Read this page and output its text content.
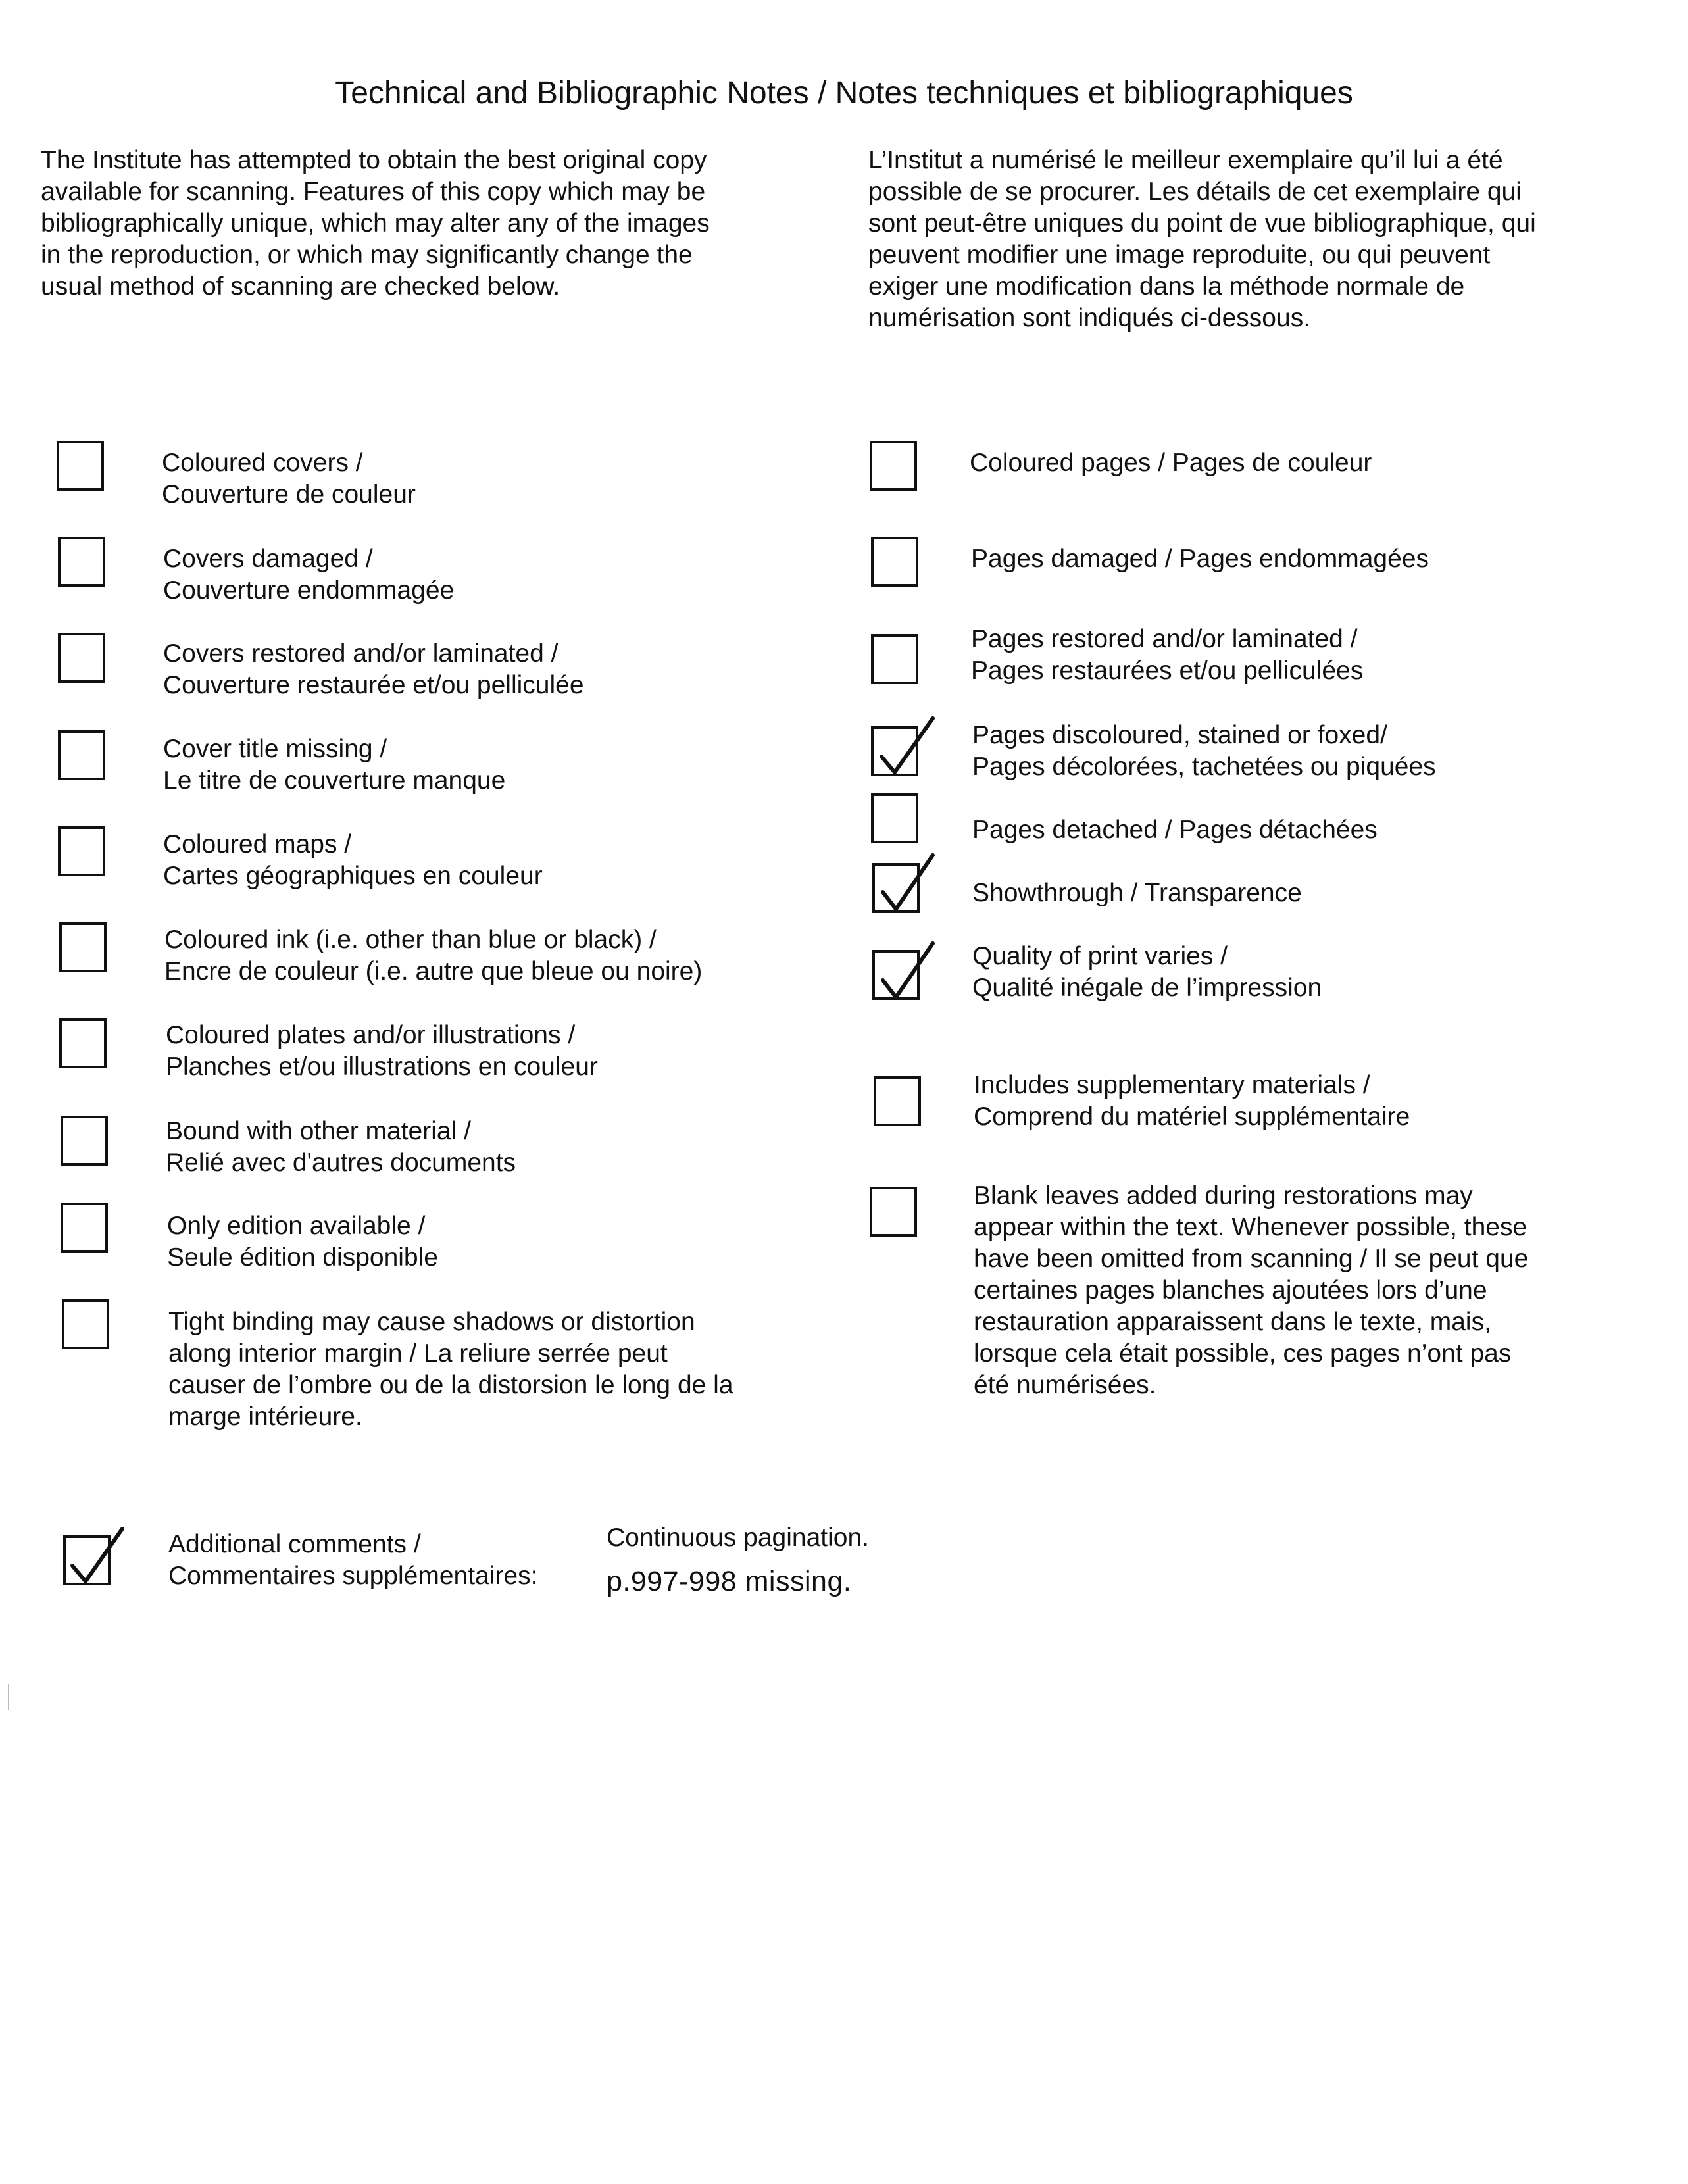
Technical and Bibliographic Notes / Notes techniques et bibliographiques
The Institute has attempted to obtain the best original copy
available for scanning. Features of this copy which may be
bibliographically unique, which may alter any of the images
in the reproduction, or which may significantly change the
usual method of scanning are checked below.
L’Institut a numérisé le meilleur exemplaire qu’il lui a été
possible de se procurer. Les détails de cet exemplaire qui
sont peut-être uniques du point de vue bibliographique, qui
peuvent modifier une image reproduite, ou qui peuvent
exiger une modification dans la méthode normale de
numérisation sont indiqués ci-dessous.
Coloured covers /
Couverture de couleur
Covers damaged /
Couverture endommagée
Covers restored and/or laminated /
Couverture restaurée et/ou pelliculée
Cover title missing /
Le titre de couverture manque
Coloured maps /
Cartes géographiques en couleur
Coloured ink (i.e. other than blue or black) /
Encre de couleur (i.e. autre que bleue ou noire)
Coloured plates and/or illustrations /
Planches et/ou illustrations en couleur
Bound with other material /
Relié avec d'autres documents
Only edition available /
Seule édition disponible
Tight binding may cause shadows or distortion
along interior margin / La reliure serrée peut
causer de l’ombre ou de la distorsion le long de la
marge intérieure.
Coloured pages / Pages de couleur
Pages damaged / Pages endommagées
Pages restored and/or laminated /
Pages restaurées et/ou pelliculées
Pages discoloured, stained or foxed/
Pages décolorées, tachetées ou piquées
Pages detached / Pages détachées
Showthrough / Transparence
Quality of print varies /
Qualité inégale de l’impression
Includes supplementary materials /
Comprend du matériel supplémentaire
Blank leaves added during restorations may
appear within the text. Whenever possible, these
have been omitted from scanning / Il se peut que
certaines pages blanches ajoutées lors d’une
restauration apparaissent dans le texte, mais,
lorsque cela était possible, ces pages n’ont pas
été numérisées.
Additional comments /
Commentaires supplémentaires:
Continuous pagination.
p.997-998 missing.
